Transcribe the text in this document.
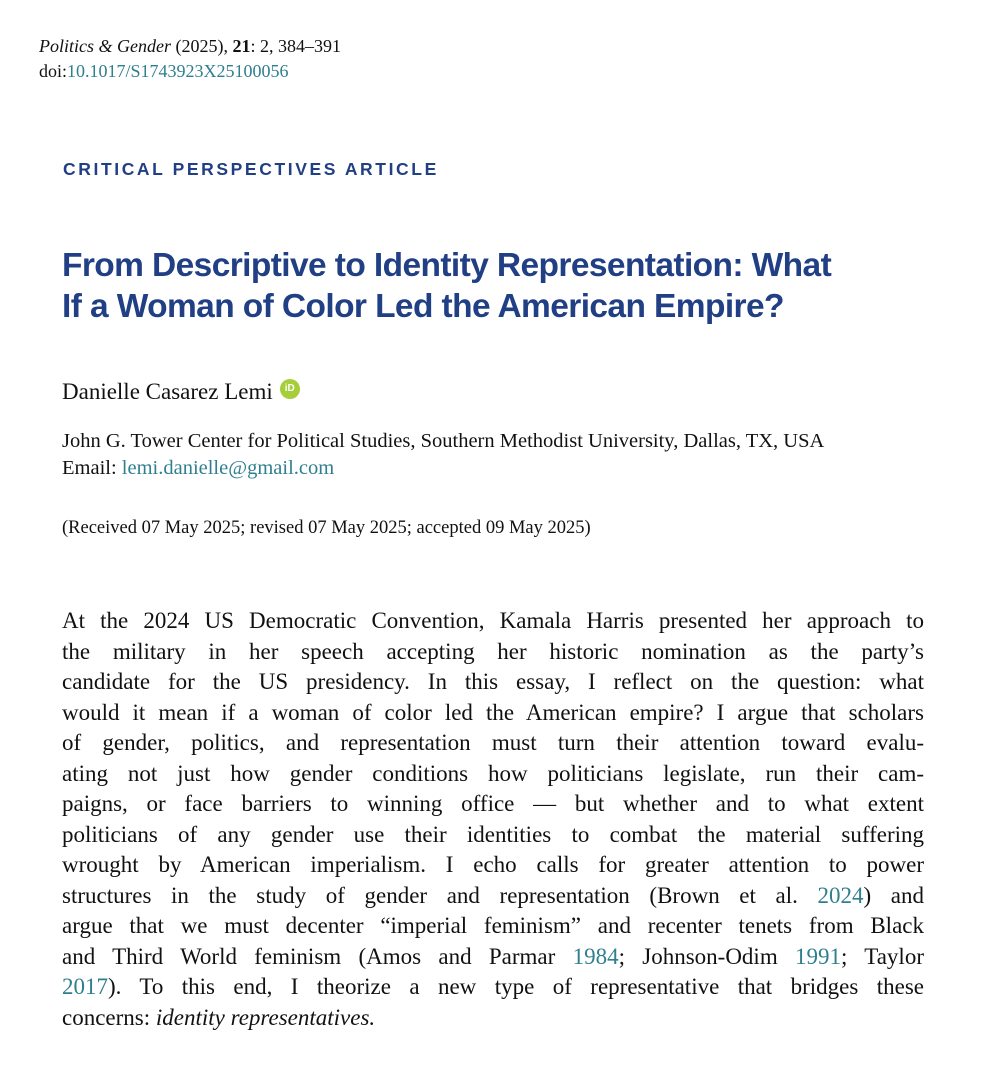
Politics & Gender (2025), 21: 2, 384–391
doi:10.1017/S1743923X25100056
CRITICAL PERSPECTIVES ARTICLE
From Descriptive to Identity Representation: What
If a Woman of Color Led the American Empire?
Danielle Casarez Lemi	iD
John G. Tower Center for Political Studies, Southern Methodist University, Dallas, TX, USA
Email: lemi.danielle@gmail.com
(Received 07 May 2025; revised 07 May 2025; accepted 09 May 2025)
At the 2024 US Democratic Convention, Kamala Harris presented her approach to
the military in her speech accepting her historic nomination as the party’s
candidate for the US presidency. In this essay, I reflect on the question: what
would it mean if a woman of color led the American empire? I argue that scholars
of gender, politics, and representation must turn their attention toward evalu-
ating not just how gender conditions how politicians legislate, run their cam-
paigns, or face barriers to winning office — but whether and to what extent
politicians of any gender use their identities to combat the material suffering
wrought by American imperialism. I echo calls for greater attention to power
structures in the study of gender and representation (Brown et al. 2024) and
argue that we must decenter “imperial feminism” and recenter tenets from Black
and Third World feminism (Amos and Parmar 1984; Johnson-Odim 1991; Taylor
2017). To this end, I theorize a new type of representative that bridges these
concerns: identity representatives.
